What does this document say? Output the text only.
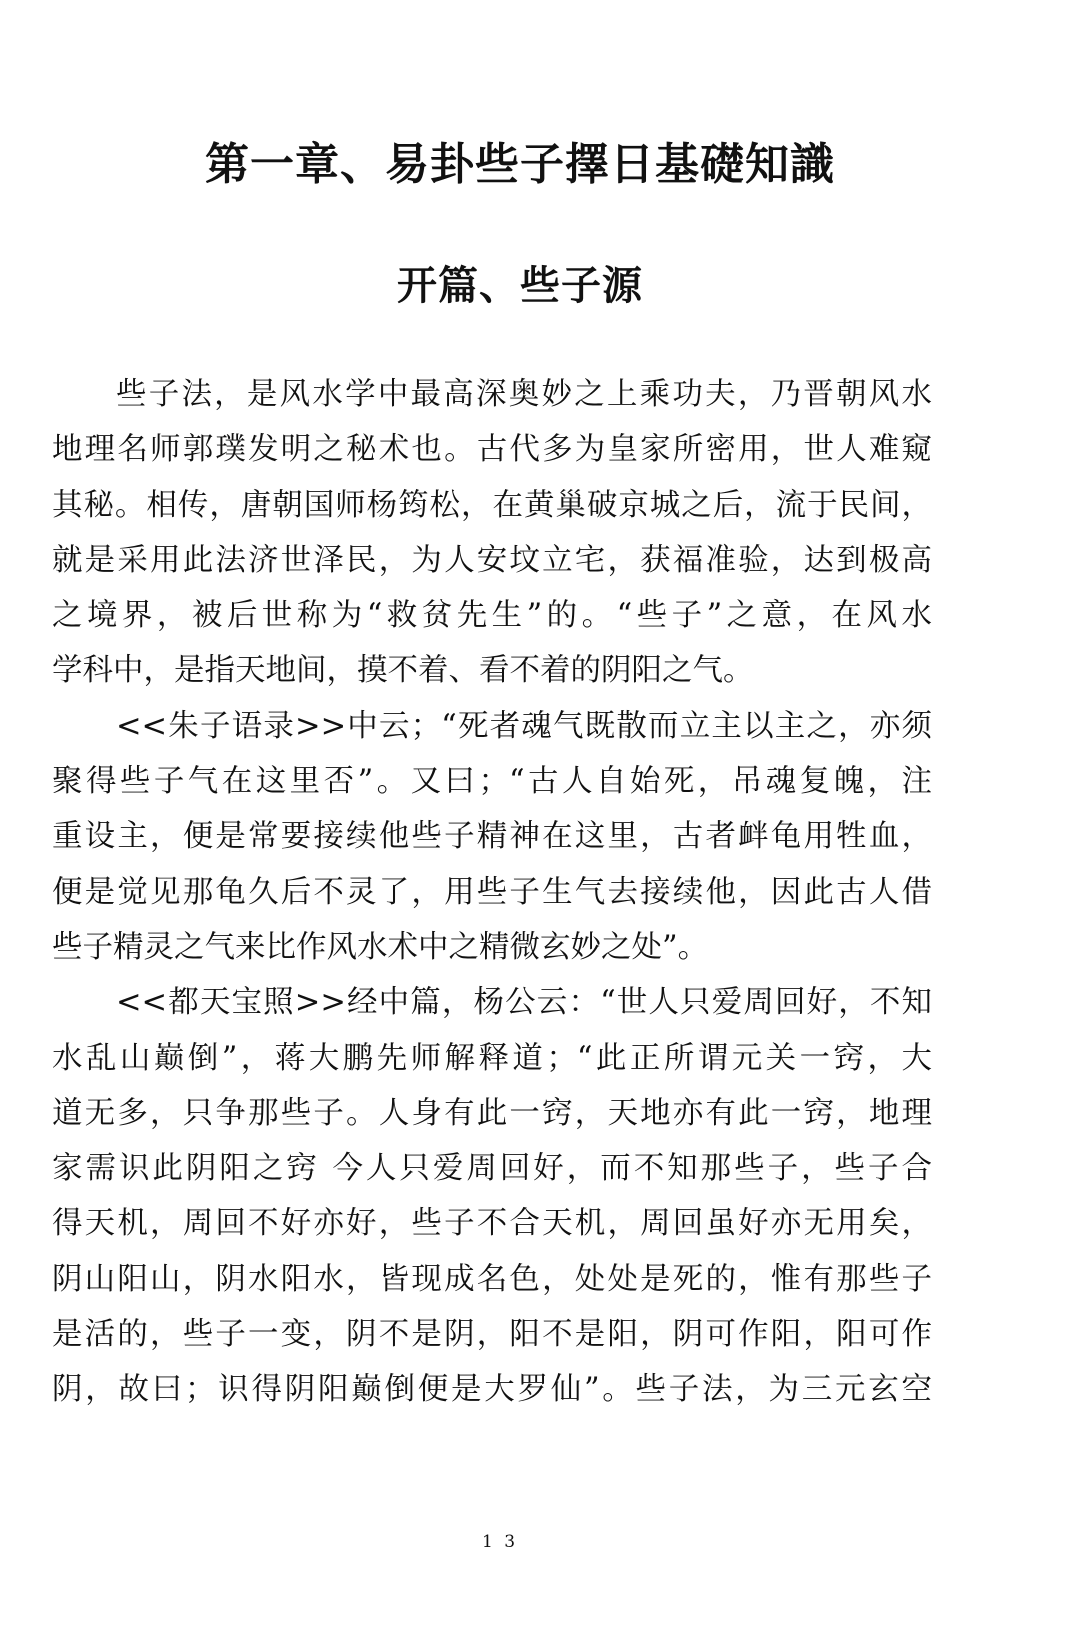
第一章、易卦些子擇日基礎知識
开篇、些子源
些子法，是风水学中最高深奥妙之上乘功夫，乃晋朝风水
地理名师郭璞发明之秘术也。古代多为皇家所密用，世人难窥
其秘。相传，唐朝国师杨筠松，在黄巢破京城之后，流于民间，
就是采用此法济世泽民，为人安坟立宅，获福准验，达到极高
之境界，被后世称为“救贫先生”的。“些子”之意，在风水
学科中，是指天地间，摸不着、看不着的阴阳之气。
<<朱子语录>>中云；“死者魂气既散而立主以主之，亦须
聚得些子气在这里否”。又曰；“古人自始死，吊魂复魄，注
重设主，便是常要接续他些子精神在这里，古者衅龟用牲血，
便是觉见那龟久后不灵了，用些子生气去接续他，因此古人借
些子精灵之气来比作风水术中之精微玄妙之处”。
<<都天宝照>>经中篇，杨公云：“世人只爱周回好，不知
水乱山巅倒”，蒋大鹏先师解释道；“此正所谓元关一窍，大
道无多，只争那些子。人身有此一窍，天地亦有此一窍，地理
家需识此阴阳之窍 今人只爱周回好，而不知那些子，些子合
得天机，周回不好亦好，些子不合天机，周回虽好亦无用矣，
阴山阳山，阴水阳水，皆现成名色，处处是死的，惟有那些子
是活的，些子一变，阴不是阴，阳不是阳，阴可作阳，阳可作
阴，故曰；识得阴阳巅倒便是大罗仙”。些子法，为三元玄空
1 3
